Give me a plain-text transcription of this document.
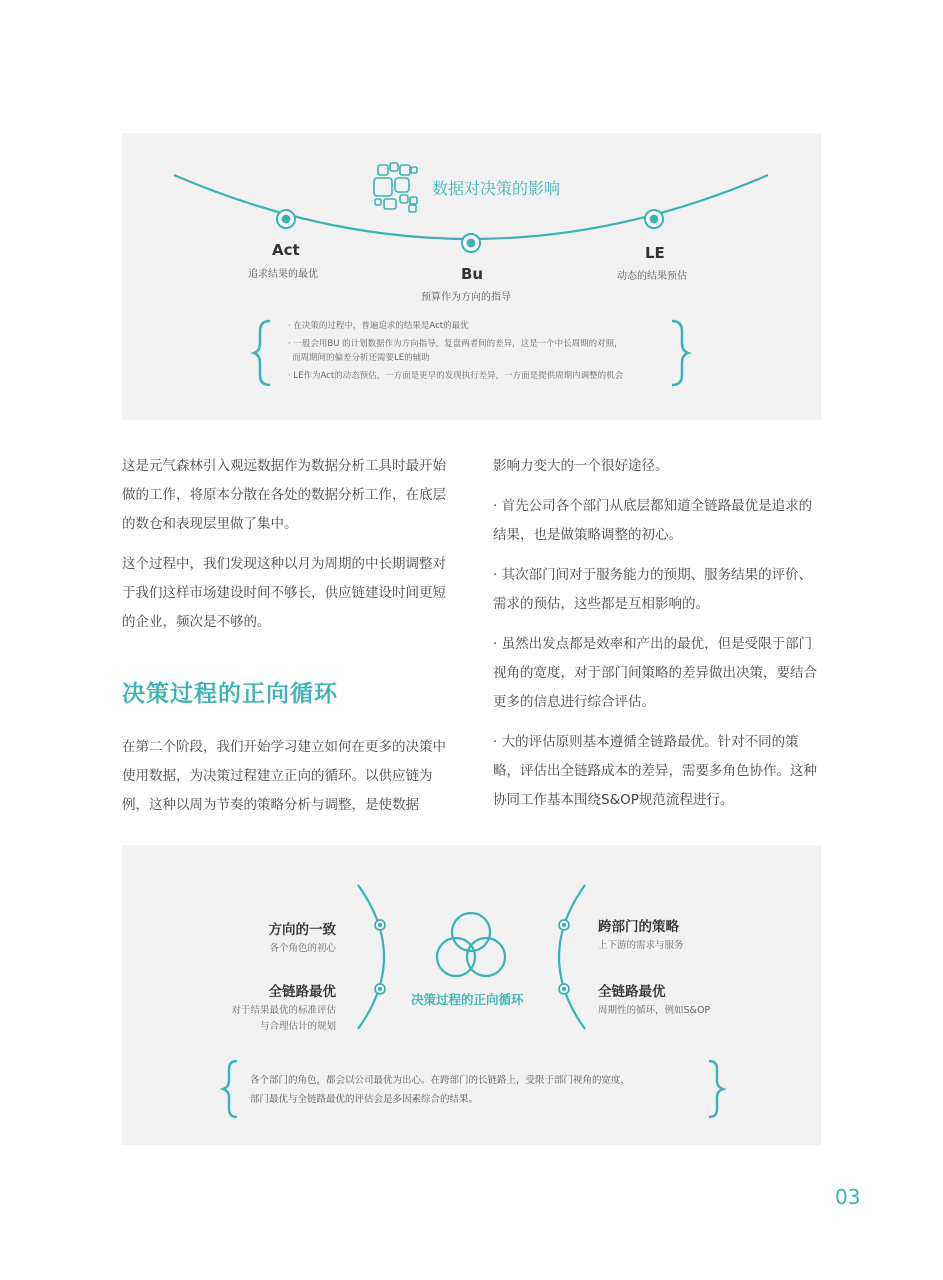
数据对决策的影响
Act
追求结果的最优	Bu
预算作为方向的指导
LE
动态的结果预估
· 在决策的过程中，普遍追求的结果是Act的最优
· 一般会用BU 的计划数据作为方向指导，复盘两者间的差异，这是一个中长周期的对照，
而周期间的偏差分析还需要LE的辅助
· LE作为Act的动态预估，一方面是更早的发现执行差异，一方面是提供周期内调整的机会

这是元气森林引入观远数据作为数据分析工具时最开始做的工作，将原本分散在各处的数据分析工作，在底层的数仓和表现层里做了集中。

这个过程中，我们发现这种以月为周期的中长期调整对于我们这样市场建设时间不够长，供应链建设时间更短的企业，频次是不够的。

决策过程的正向循环

在第二个阶段，我们开始学习建立如何在更多的决策中使用数据，为决策过程建立正向的循环。以供应链为例，这种以周为节奏的策略分析与调整，是使数据

影响力变大的一个很好途径。

· 首先公司各个部门从底层都知道全链路最优是追求的结果，也是做策略调整的初心。

· 其次部门间对于服务能力的预期、服务结果的评价、需求的预估，这些都是互相影响的。

· 虽然出发点都是效率和产出的最优，但是受限于部门视角的宽度，对于部门间策略的差异做出决策，要结合更多的信息进行综合评估。

· 大的评估原则基本遵循全链路最优。针对不同的策略，评估出全链路成本的差异，需要多角色协作。这种协同工作基本围绕S&OP规范流程进行。

决策过程的正向循环
方向的一致
各个角色的初心
全链路最优
对于结果最优的标准评估
与合理估计的规划
跨部门的策略
上下游的需求与服务
全链路最优
周期性的循环，例如S&OP
各个部门的角色，都会以公司最优为出心。在跨部门的长链路上，受限于部门视角的宽度，
部门最优与全链路最优的评估会是多因素综合的结果。
03
